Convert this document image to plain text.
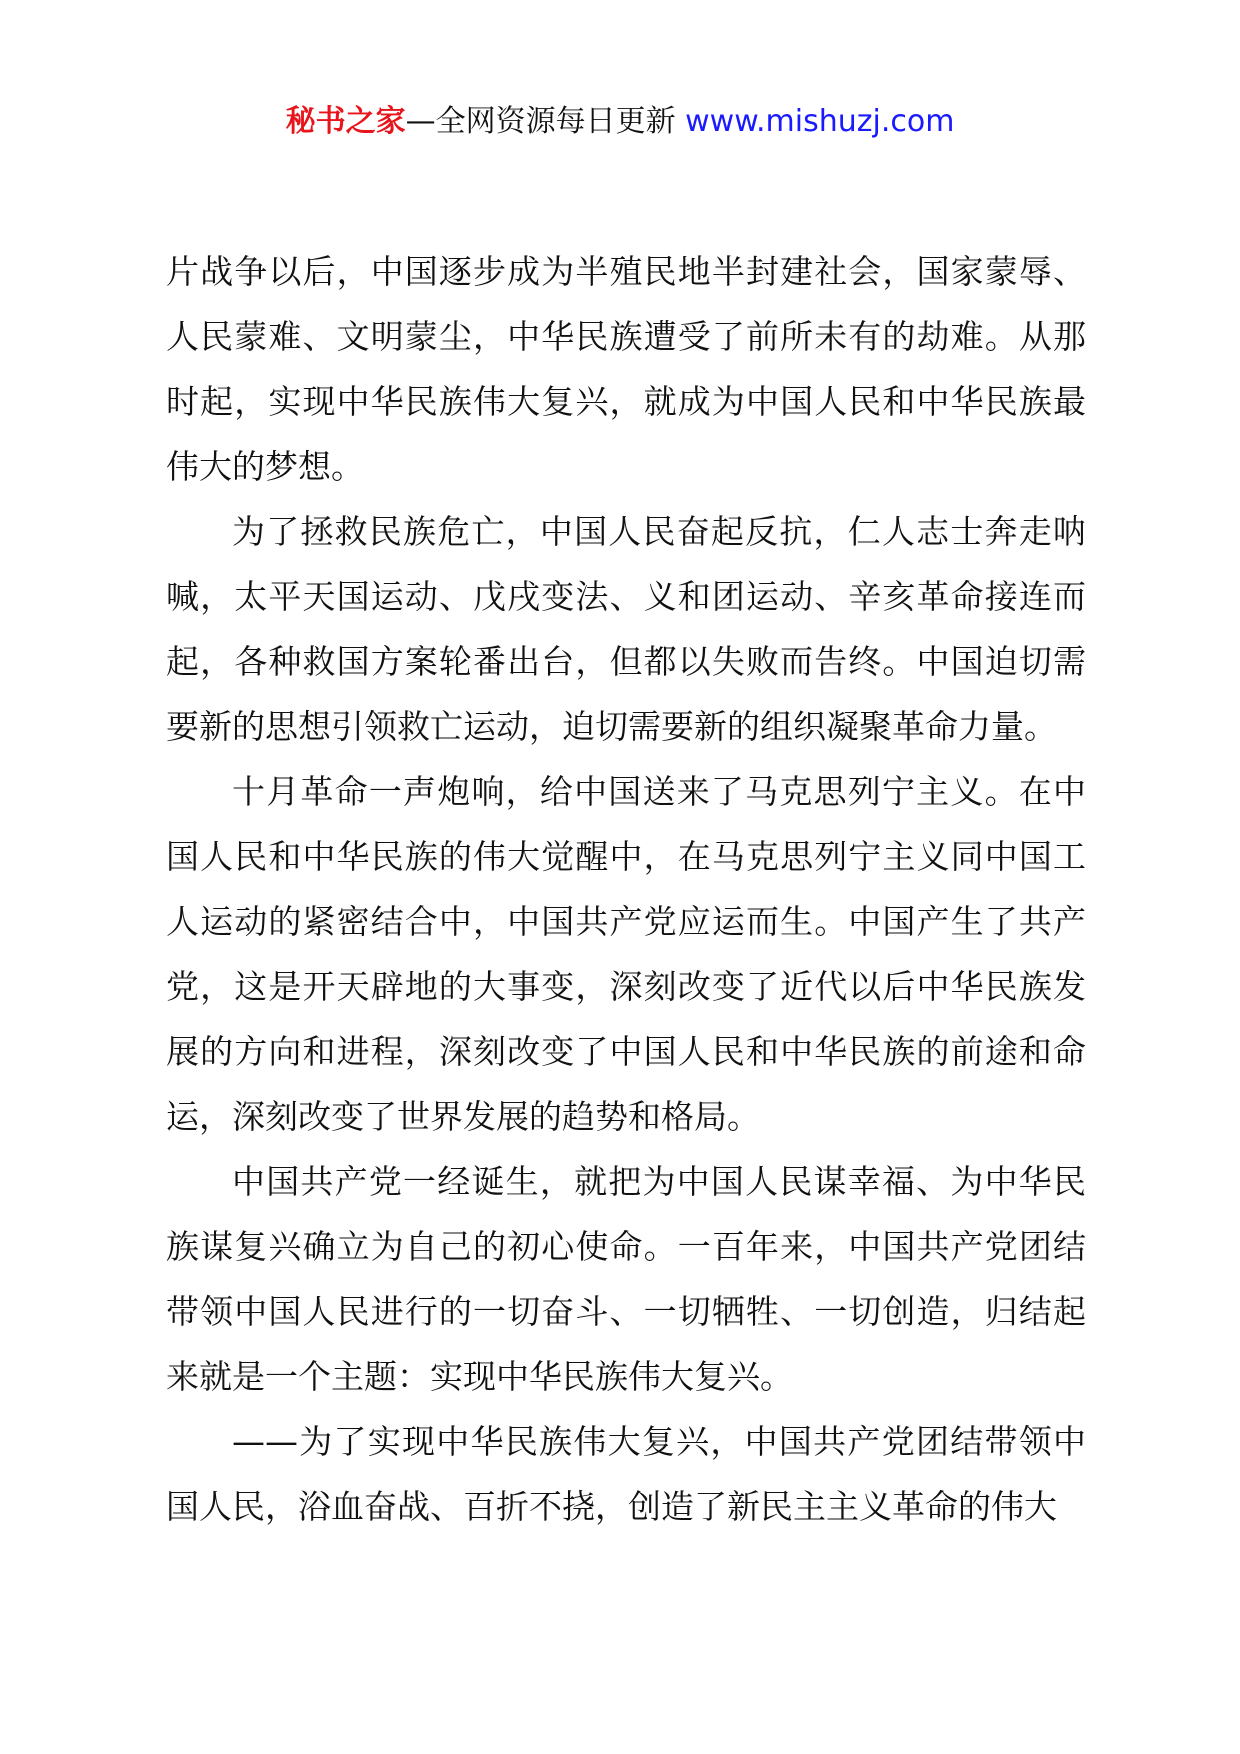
秘书之家—全网资源每日更新 www.mishuzj.com

片战争以后，中国逐步成为半殖民地半封建社会，国家蒙辱、人民蒙难、文明蒙尘，中华民族遭受了前所未有的劫难。从那时起，实现中华民族伟大复兴，就成为中国人民和中华民族最伟大的梦想。

为了拯救民族危亡，中国人民奋起反抗，仁人志士奔走呐喊，太平天国运动、戊戌变法、义和团运动、辛亥革命接连而起，各种救国方案轮番出台，但都以失败而告终。中国迫切需要新的思想引领救亡运动，迫切需要新的组织凝聚革命力量。

十月革命一声炮响，给中国送来了马克思列宁主义。在中国人民和中华民族的伟大觉醒中，在马克思列宁主义同中国工人运动的紧密结合中，中国共产党应运而生。中国产生了共产党，这是开天辟地的大事变，深刻改变了近代以后中华民族发展的方向和进程，深刻改变了中国人民和中华民族的前途和命运，深刻改变了世界发展的趋势和格局。

中国共产党一经诞生，就把为中国人民谋幸福、为中华民族谋复兴确立为自己的初心使命。一百年来，中国共产党团结带领中国人民进行的一切奋斗、一切牺牲、一切创造，归结起来就是一个主题：实现中华民族伟大复兴。

——为了实现中华民族伟大复兴，中国共产党团结带领中国人民，浴血奋战、百折不挠，创造了新民主主义革命的伟大
